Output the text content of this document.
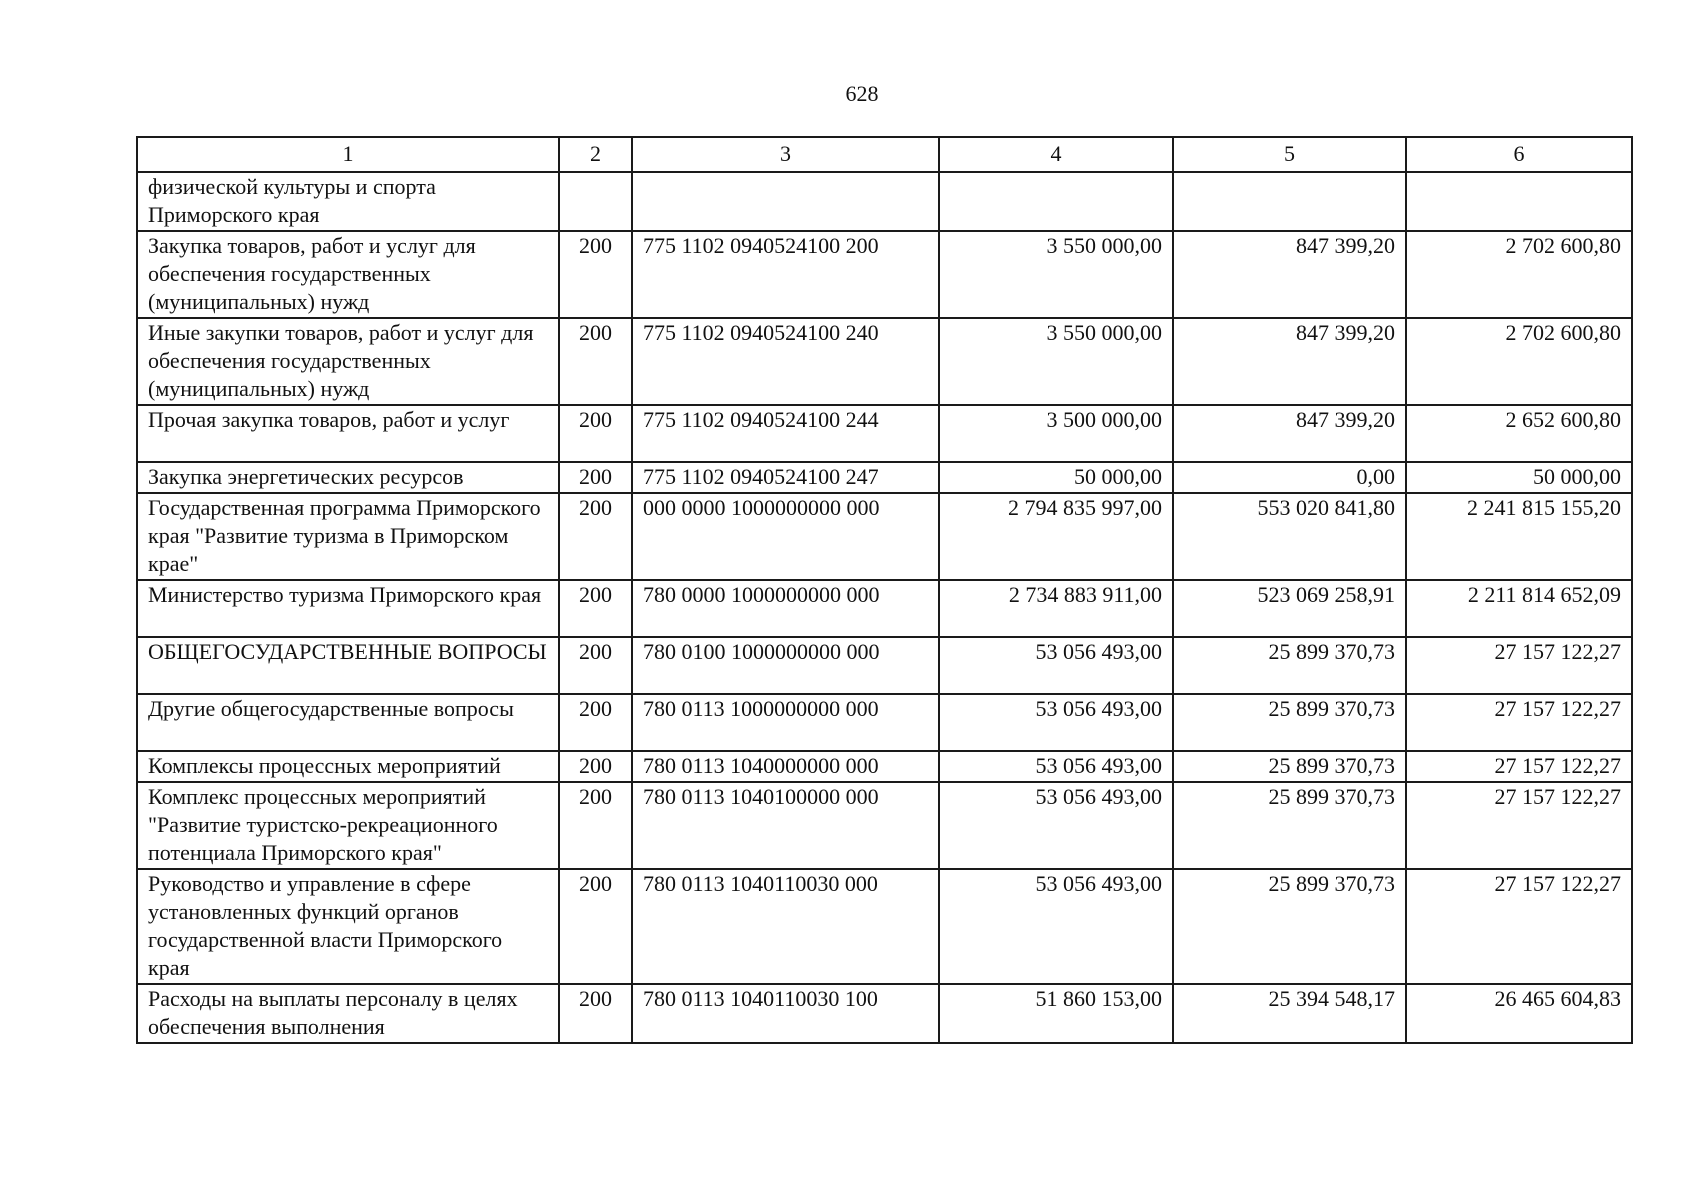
628
1	2	3	4	5	6
физической культуры и спорта Приморского края					
Закупка товаров, работ и услуг для обеспечения государственных (муниципальных) нужд	200	775 1102 0940524100 200	3 550 000,00	847 399,20	2 702 600,80
Иные закупки товаров, работ и услуг для обеспечения государственных (муниципальных) нужд	200	775 1102 0940524100 240	3 550 000,00	847 399,20	2 702 600,80
Прочая закупка товаров, работ и услуг	200	775 1102 0940524100 244	3 500 000,00	847 399,20	2 652 600,80
Закупка энергетических ресурсов	200	775 1102 0940524100 247	50 000,00	0,00	50 000,00
Государственная программа Приморского края "Развитие туризма в Приморском крае"	200	000 0000 1000000000 000	2 794 835 997,00	553 020 841,80	2 241 815 155,20
Министерство туризма Приморского края	200	780 0000 1000000000 000	2 734 883 911,00	523 069 258,91	2 211 814 652,09
ОБЩЕГОСУДАРСТВЕННЫЕ ВОПРОСЫ	200	780 0100 1000000000 000	53 056 493,00	25 899 370,73	27 157 122,27
Другие общегосударственные вопросы	200	780 0113 1000000000 000	53 056 493,00	25 899 370,73	27 157 122,27
Комплексы процессных мероприятий	200	780 0113 1040000000 000	53 056 493,00	25 899 370,73	27 157 122,27
Комплекс процессных мероприятий "Развитие туристско-рекреационного потенциала Приморского края"	200	780 0113 1040100000 000	53 056 493,00	25 899 370,73	27 157 122,27
Руководство и управление в сфере установленных функций органов государственной власти Приморского края	200	780 0113 1040110030 000	53 056 493,00	25 899 370,73	27 157 122,27
Расходы на выплаты персоналу в целях обеспечения выполнения	200	780 0113 1040110030 100	51 860 153,00	25 394 548,17	26 465 604,83
